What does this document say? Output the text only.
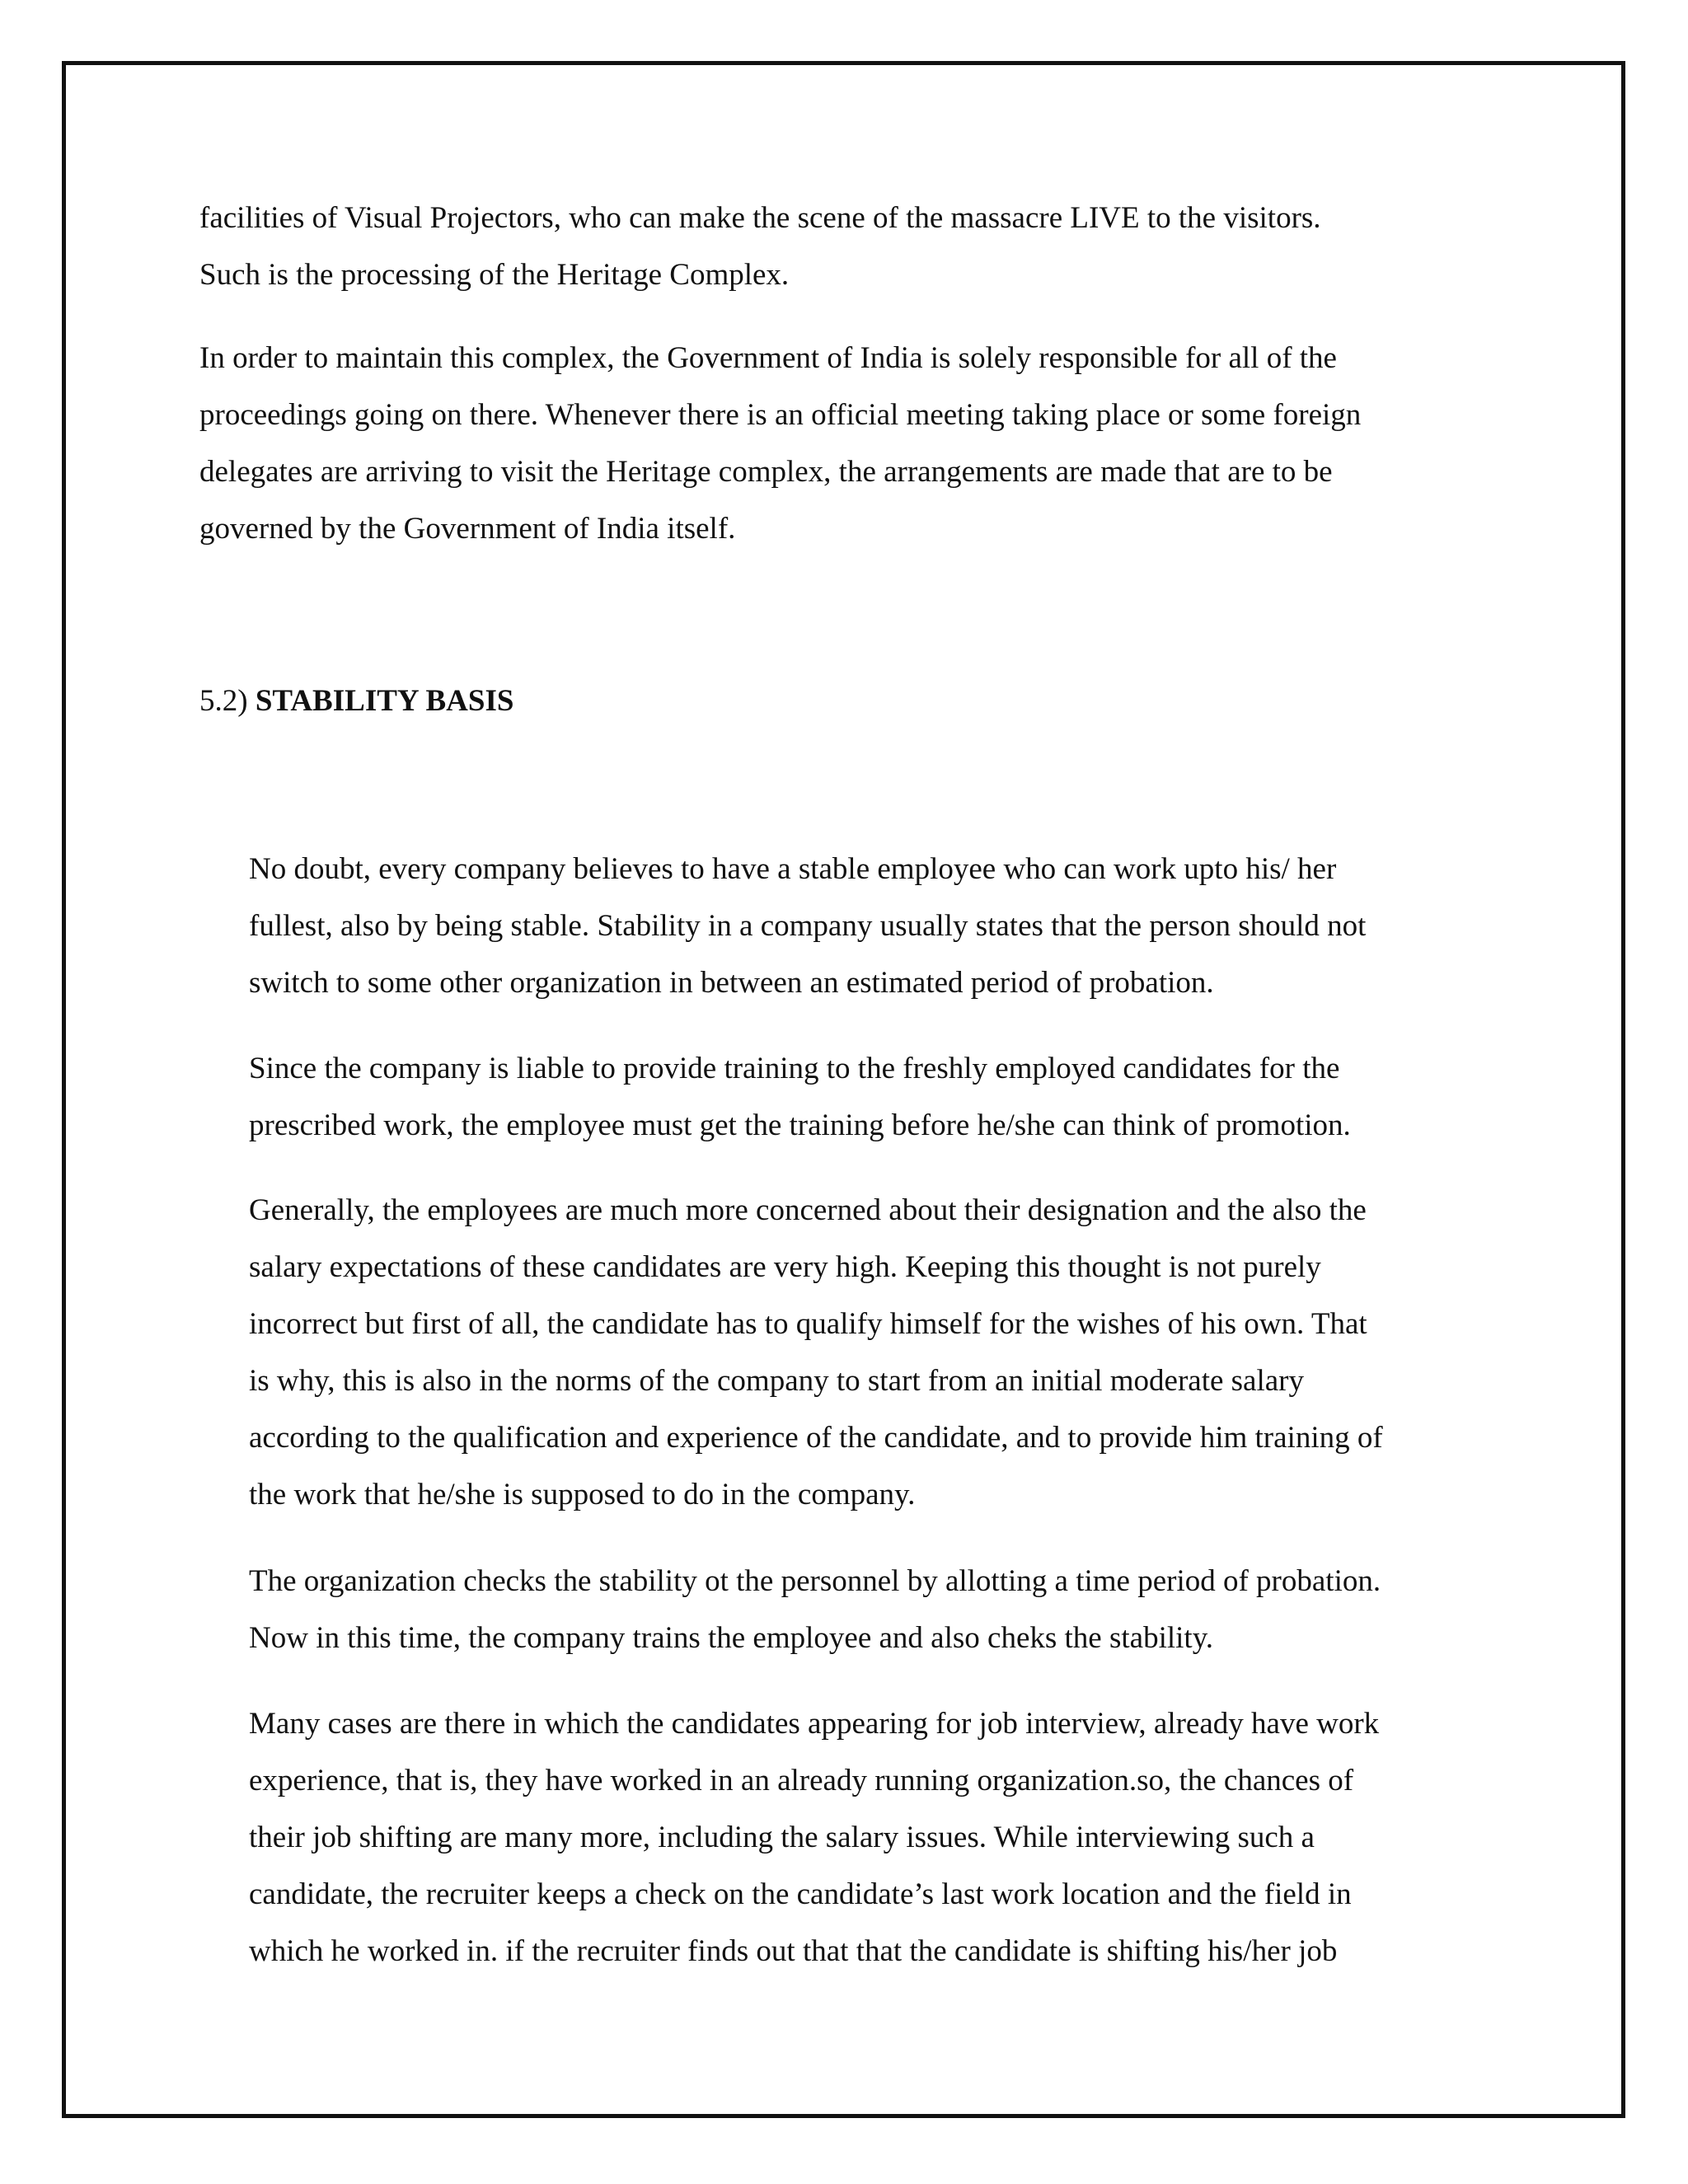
facilities of Visual Projectors, who can make the scene of the massacre LIVE to the visitors.
Such is the processing of the Heritage Complex.

In order to maintain this complex, the Government of India is solely responsible for all of the
proceedings going on there. Whenever there is an official meeting taking place or some foreign
delegates are arriving to visit the Heritage complex, the arrangements are made that are to be
governed by the Government of India itself.

5.2) STABILITY BASIS

No doubt, every company believes to have a stable employee who can work upto his/ her
fullest, also by being stable. Stability in a company usually states that the person should not
switch to some other organization in between an estimated period of probation.

Since the company is liable to provide training to the freshly employed candidates for the
prescribed work, the employee must get the training before he/she can think of promotion.

Generally, the employees are much more concerned about their designation and the also the
salary expectations of these candidates are very high. Keeping this thought is not purely
incorrect but first of all, the candidate has to qualify himself for the wishes of his own. That
is why, this is also in the norms of the company to start from an initial moderate salary
according to the qualification and experience of the candidate, and to provide him training of
the work that he/she is supposed to do in the company.

The organization checks the stability ot the personnel by allotting a time period of probation.
Now in this time, the company trains the employee and also cheks the stability.

Many cases are there in which the candidates appearing for job interview, already have work
experience, that is, they have worked in an already running organization.so, the chances of
their job shifting are many more, including the salary issues. While interviewing such a
candidate, the recruiter keeps a check on the candidate’s last work location and the field in
which he worked in. if the recruiter finds out that that the candidate is shifting his/her job
